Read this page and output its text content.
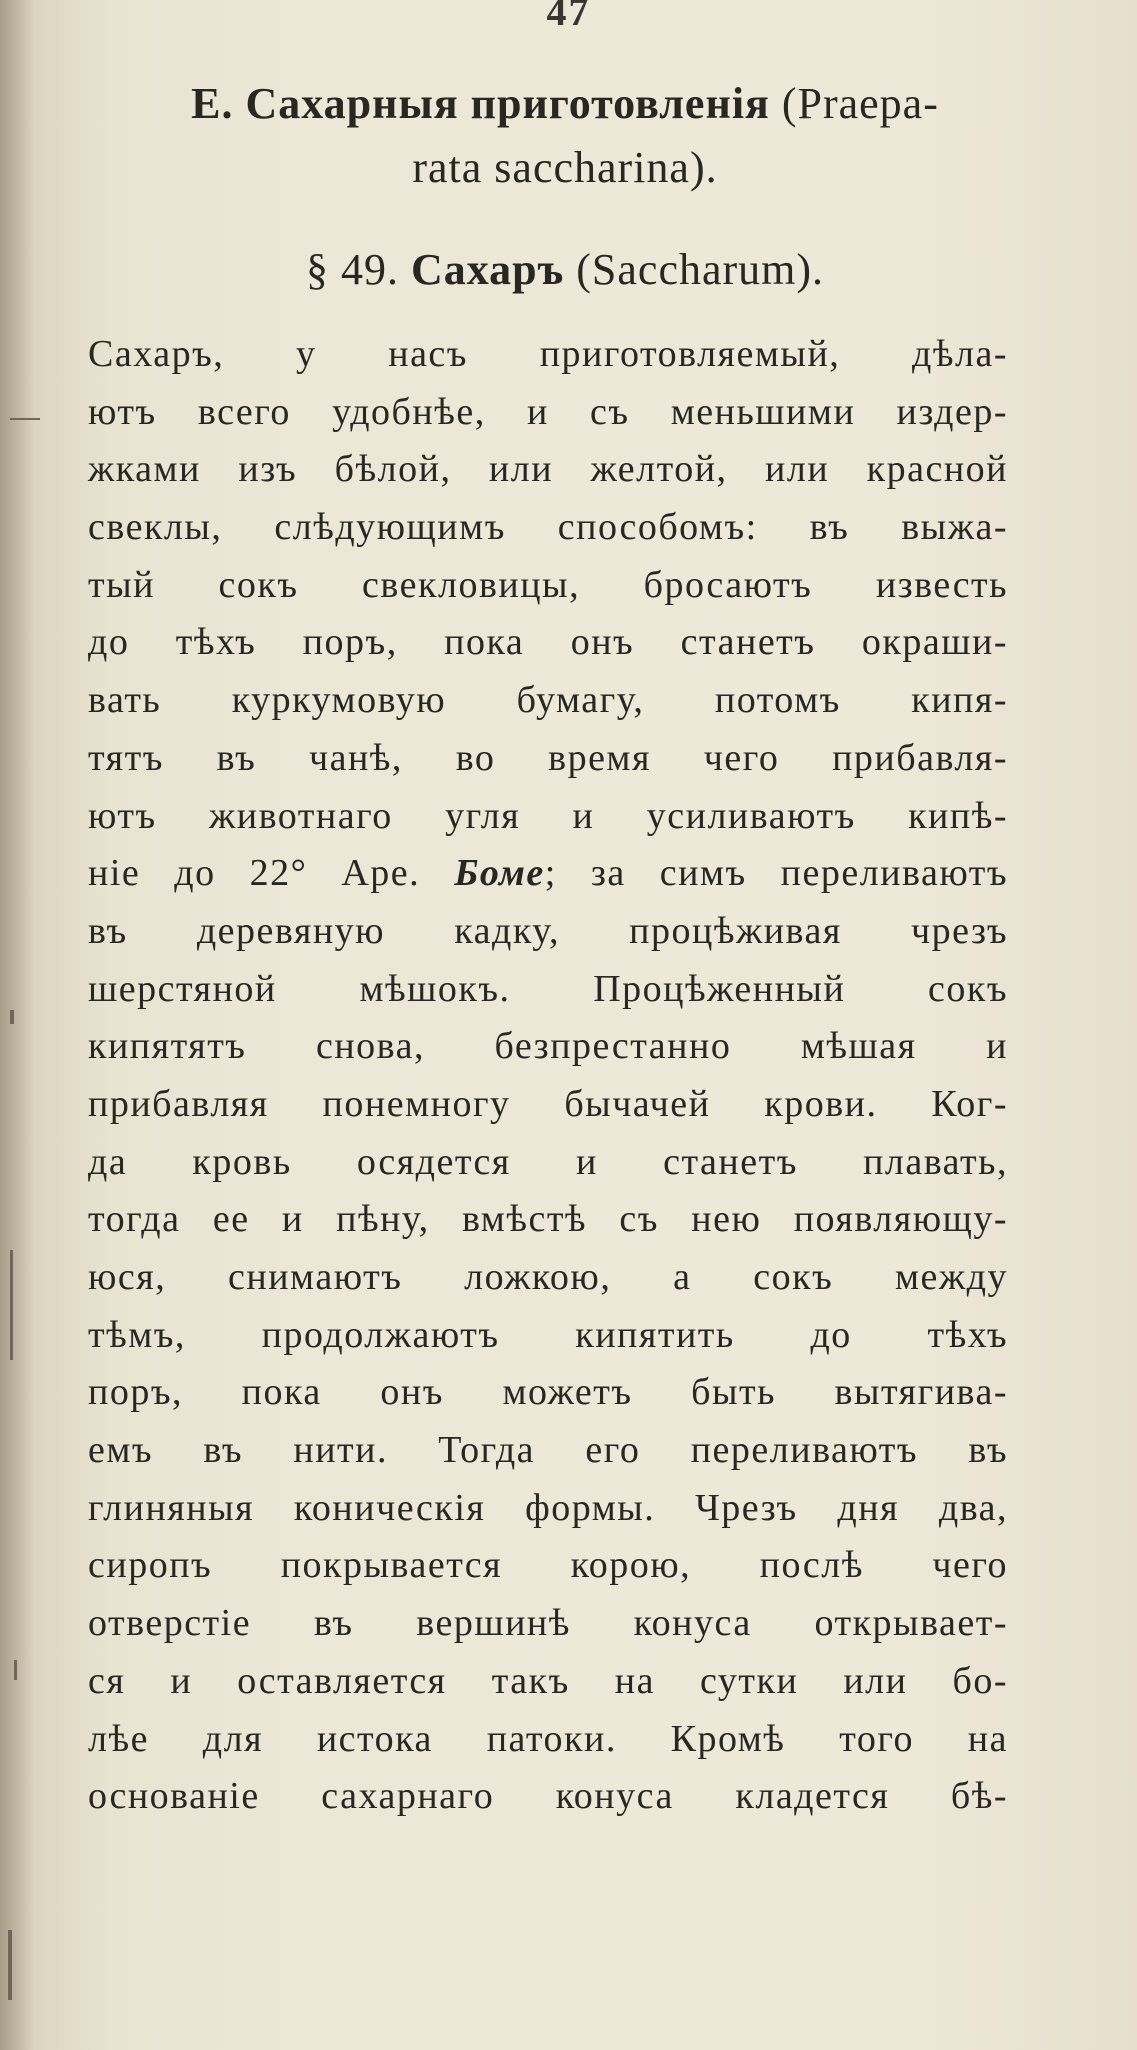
47
Е. Сахарныя приготовленія (Praepa-
rata saccharina).
§ 49. Сахаръ (Saccharum).
Сахаръ, у насъ приготовляемый, дѣла-
ютъ всего удобнѣе, и съ меньшими издер-
жками изъ бѣлой, или желтой, или красной
свеклы, слѣдующимъ способомъ: въ выжа-
тый сокъ свекловицы, бросаютъ известь
до тѣхъ поръ, пока онъ станетъ окраши-
вать куркумовую бумагу, потомъ кипя-
тятъ въ чанѣ, во время чего прибавля-
ютъ животнаго угля и усиливаютъ кипѣ-
ніе до 22° Аре. Боме; за симъ переливаютъ
въ деревяную кадку, процѣживая чрезъ
шерстяной мѣшокъ. Процѣженный сокъ
кипятятъ снова, безпрестанно мѣшая и
прибавляя понемногу бычачей крови. Ког-
да кровь осядется и станетъ плавать,
тогда ее и пѣну, вмѣстѣ съ нею появляющу-
юся, снимаютъ ложкою, а сокъ между
тѣмъ, продолжаютъ кипятить до тѣхъ
поръ, пока онъ можетъ быть вытягива-
емъ въ нити. Тогда его переливаютъ въ
глиняныя коническія формы. Чрезъ дня два,
сиропъ покрывается корою, послѣ чего
отверстіе въ вершинѣ конуса открывает-
ся и оставляется такъ на сутки или бо-
лѣе для истока патоки. Кромѣ того на
основаніе сахарнаго конуса кладется бѣ-
